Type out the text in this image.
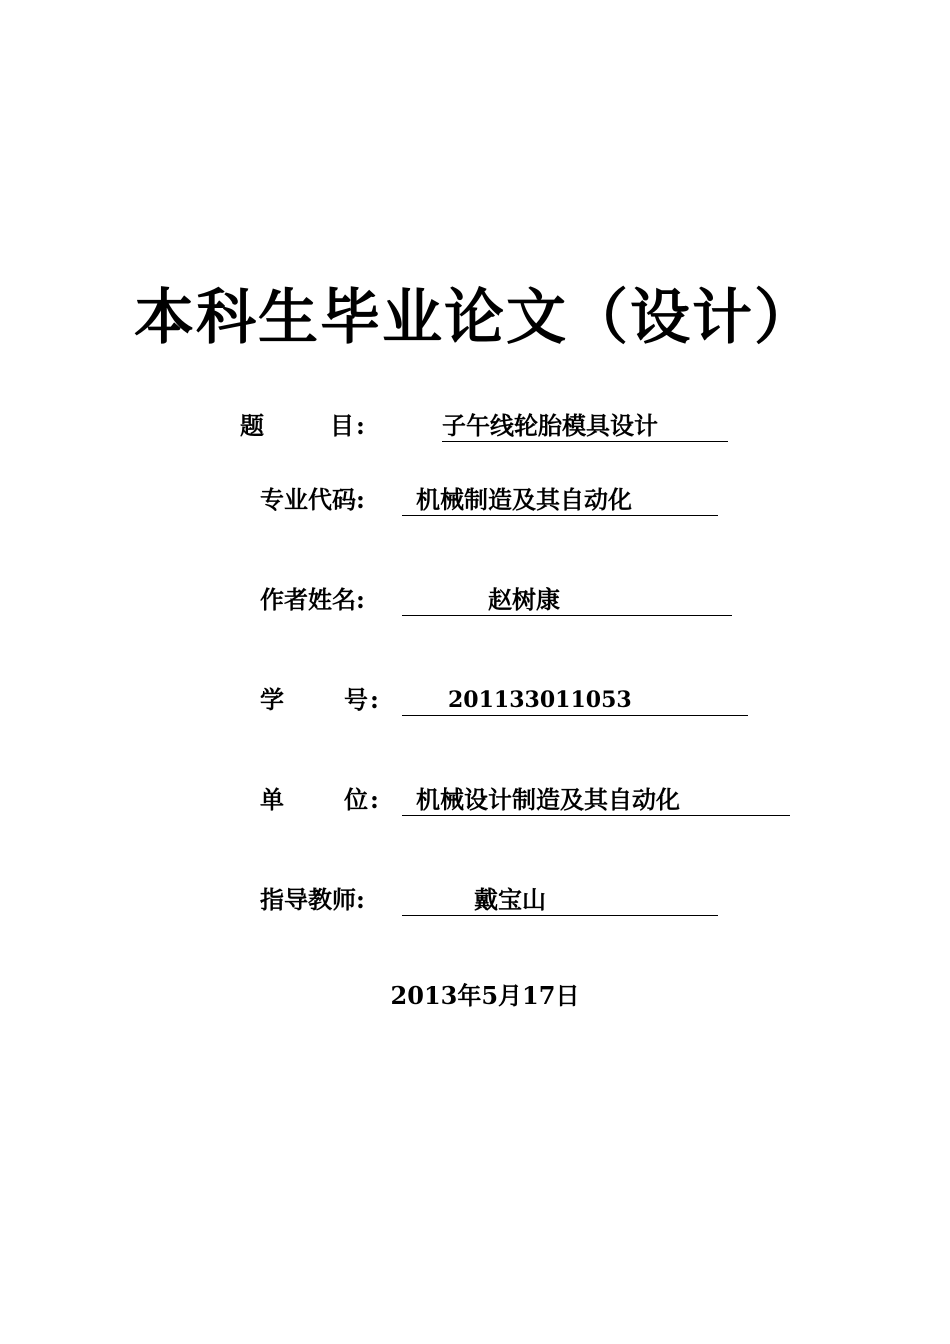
本科生毕业论文（设计）
题	目 :	子午线轮胎模具设计
专业代码 : 机械制造及其自动化
作者姓名 :	赵树康
学	号 :	201133011053
单	位 : 机械设计制造及其自动化
指导教师 :	戴宝山
2013年5月17日
